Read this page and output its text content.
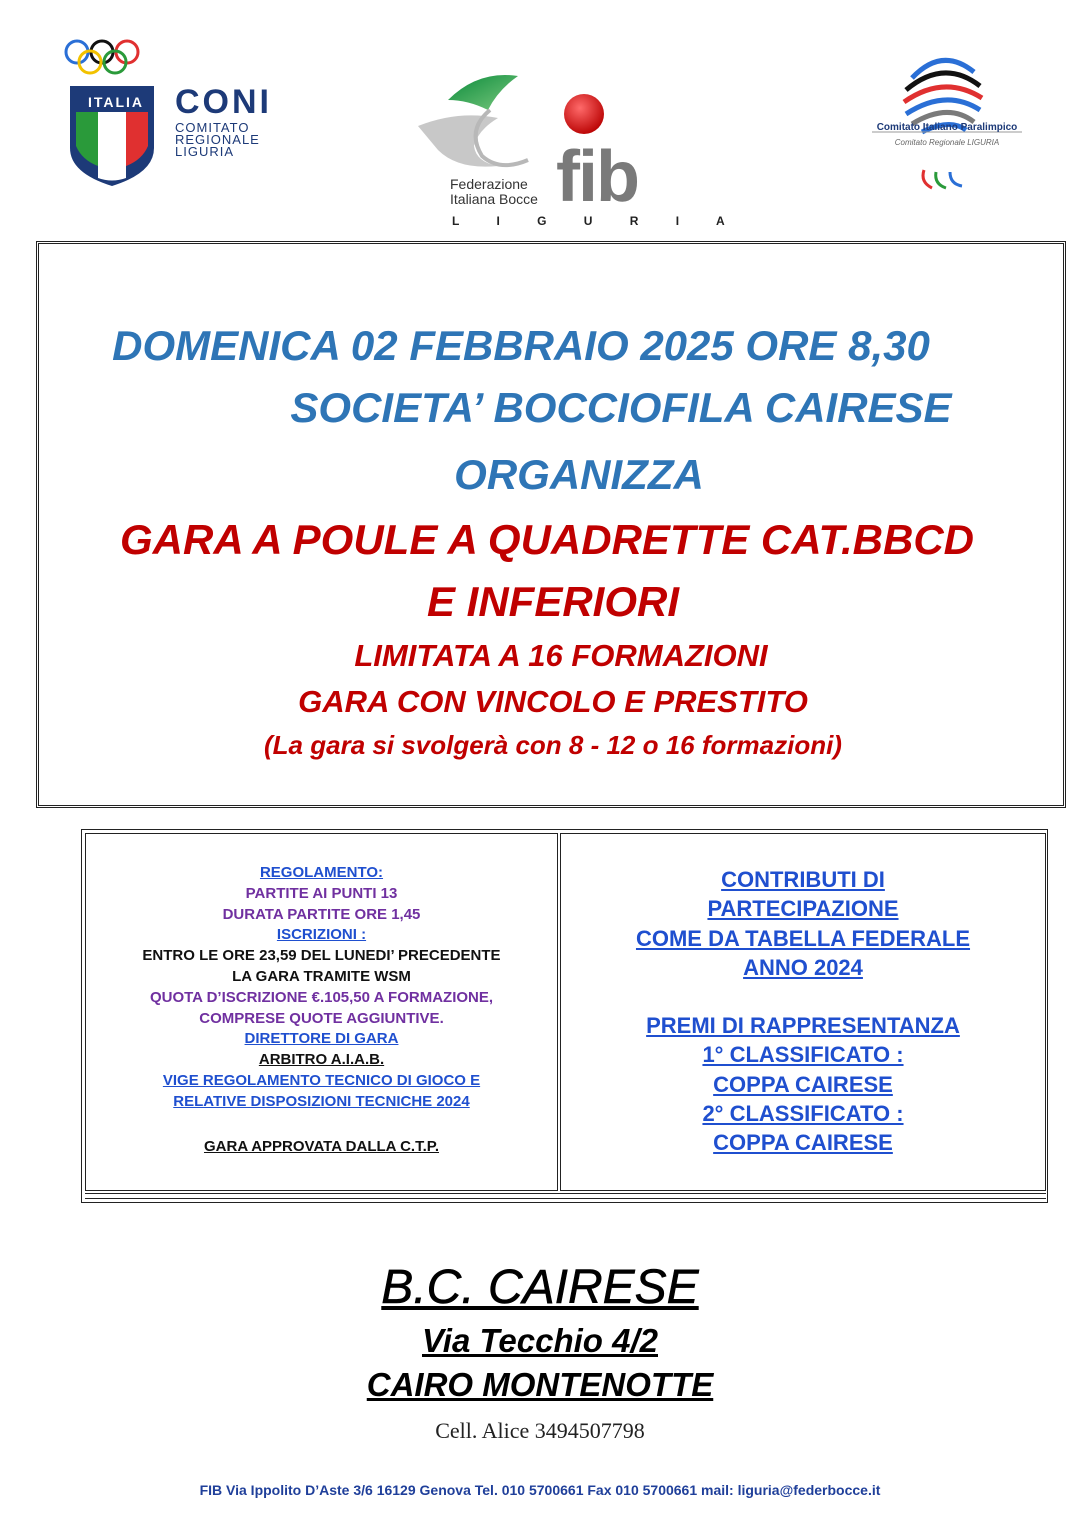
ITALIA CONI
COMITATO
REGIONALE
LIGURIA
Federazione
Italiana Bocce fib
L I G U R I A
Comitato Italiano Paralimpico
Comitato Regionale LIGURIA
DOMENICA 02 FEBBRAIO 2025 ORE 8,30
SOCIETA’ BOCCIOFILA CAIRESE
ORGANIZZA
GARA A POULE A QUADRETTE CAT.BBCD
E INFERIORI
LIMITATA A 16 FORMAZIONI
GARA CON VINCOLO E PRESTITO
(La gara si svolgerà con 8 - 12 o 16 formazioni)
REGOLAMENTO:
PARTITE AI PUNTI 13
DURATA PARTITE ORE 1,45
ISCRIZIONI :
ENTRO LE ORE 23,59 DEL LUNEDI’ PRECEDENTE
LA GARA TRAMITE WSM
QUOTA D’ISCRIZIONE €.105,50 A FORMAZIONE,
COMPRESE QUOTE AGGIUNTIVE.
DIRETTORE DI GARA
ARBITRO A.I.A.B.
VIGE REGOLAMENTO TECNICO DI GIOCO E
RELATIVE DISPOSIZIONI TECNICHE 2024
GARA APPROVATA DALLA C.T.P.
CONTRIBUTI DI
PARTECIPAZIONE
COME DA TABELLA FEDERALE
ANNO 2024
PREMI DI RAPPRESENTANZA
1° CLASSIFICATO :
COPPA CAIRESE
2° CLASSIFICATO :
COPPA CAIRESE
B.C. CAIRESE
Via Tecchio 4/2
CAIRO MONTENOTTE
Cell. Alice 3494507798
FIB Via Ippolito D’Aste 3/6 16129 Genova Tel. 010 5700661 Fax 010 5700661 mail: liguria@federbocce.it
